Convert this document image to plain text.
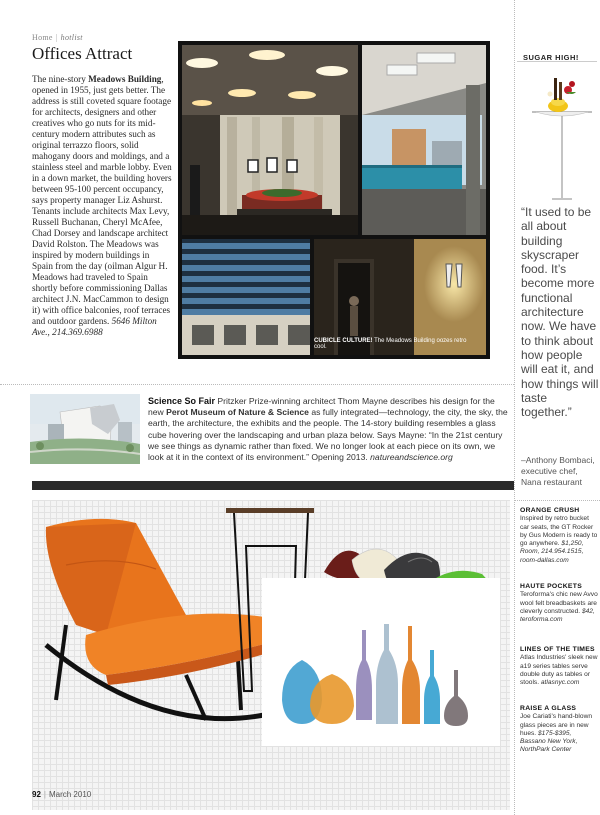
Home | hotlist
Offices Attract
The nine-story Meadows Building, opened in 1955, just gets better. The address is still coveted square footage for architects, designers and other creatives who go nuts for its mid-century modern attributes such as original terrazzo floors, solid mahogany doors and moldings, and a stainless steel and marble lobby. Even in a down market, the building hovers between 95-100 percent occupancy, says property manager Liz Ashurst. Tenants include architects Max Levy, Russell Buchanan, Cheryl McAfee, Chad Dorsey and landscape architect David Rolston. The Meadows was inspired by modern buildings in Spain from the day (oilman Algur H. Meadows had traveled to Spain shortly before commissioning Dallas architect J.N. MacCammon to design it) with office balconies, roof terraces and outdoor gardens. 5646 Milton Ave., 214.369.6988
CUBICLE CULTURE! The Meadows Building oozes retro cool.
SUGAR HIGH!
“It used to be all about building skyscraper food. It’s become more functional architecture now. We have to think about how people will eat it, and how things will taste together.”
–Anthony Bombaci, executive chef, Nana restaurant
Science So Fair Pritzker Prize-winning architect Thom Mayne describes his design for the new Perot Museum of Nature & Science as fully integrated—technology, the city, the sky, the earth, the architecture, the exhibits and the people. The 14-story building resembles a glass cube hovering over the landscaping and urban plaza below. Says Mayne: “In the 21st century we see things as dynamic rather than fixed. We no longer look at each piece on its own, we look at it in the context of its environment.” Opening 2013. natureandscience.org
ORANGE CRUSH
Inspired by retro bucket car seats, the GT Rocker by Gus Modern is ready to go anywhere. $1,250, Room, 214.954.1515, room-dallas.com
HAUTE POCKETS
Teroforma's chic new Avvo wool felt breadbaskets are cleverly constructed. $42, teroforma.com
LINES OF THE TIMES
Atlas Industries' sleek new a19 series tables serve double duty as tables or stools. atlasnyc.com
RAISE A GLASS
Joe Cariati's hand-blown glass pieces are in new hues. $175-$395, Bassano New York, NorthPark Center
92 | March 2010
